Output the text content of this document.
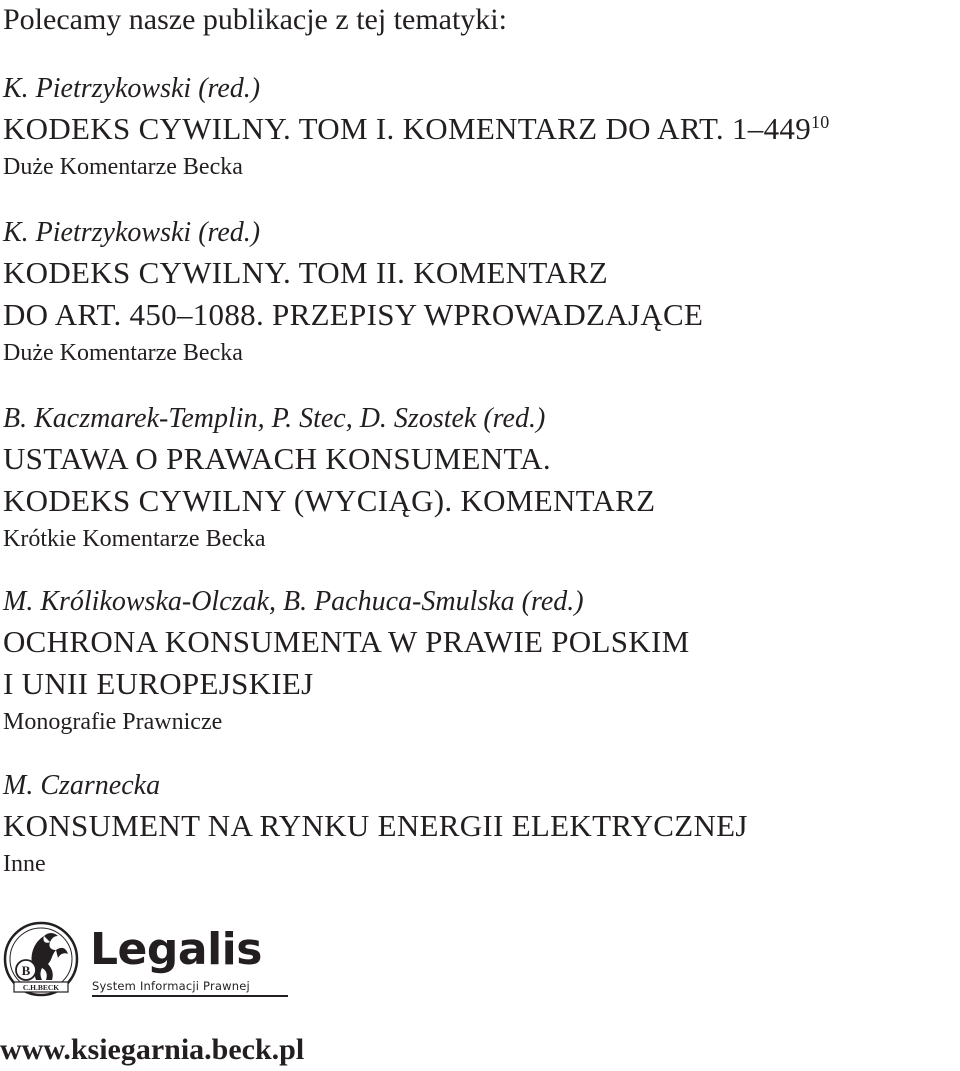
Polecamy nasze publikacje z tej tematyki:
K. Pietrzykowski (red.)
KODEKS CYWILNY. TOM I. KOMENTARZ DO ART. $1-449^{10}$
Duże Komentarze Becka
K. Pietrzykowski (red.)
KODEKS CYWILNY. TOM II. KOMENTARZ
DO ART. 450–1088. PRZEPISY WPROWADZAJĄCE
Duże Komentarze Becka
B. Kaczmarek-Templin, P. Stec, D. Szostek (red.)
USTAWA O PRAWACH KONSUMENTA.
KODEKS CYWILNY (WYCIĄG). KOMENTARZ
Krótkie Komentarze Becka
M. Królikowska-Olczak, B. Pachuca-Smulska (red.)
OCHRONA KONSUMENTA W PRAWIE POLSKIM
I UNII EUROPEJSKIEJ
Monografie Prawnicze
M. Czarnecka
KONSUMENT NA RYNKU ENERGII ELEKTRYCZNEJ
Inne
B
C.H.BECK
Legalis
System Informacji Prawnej
www.ksiegarnia.beck.pl
